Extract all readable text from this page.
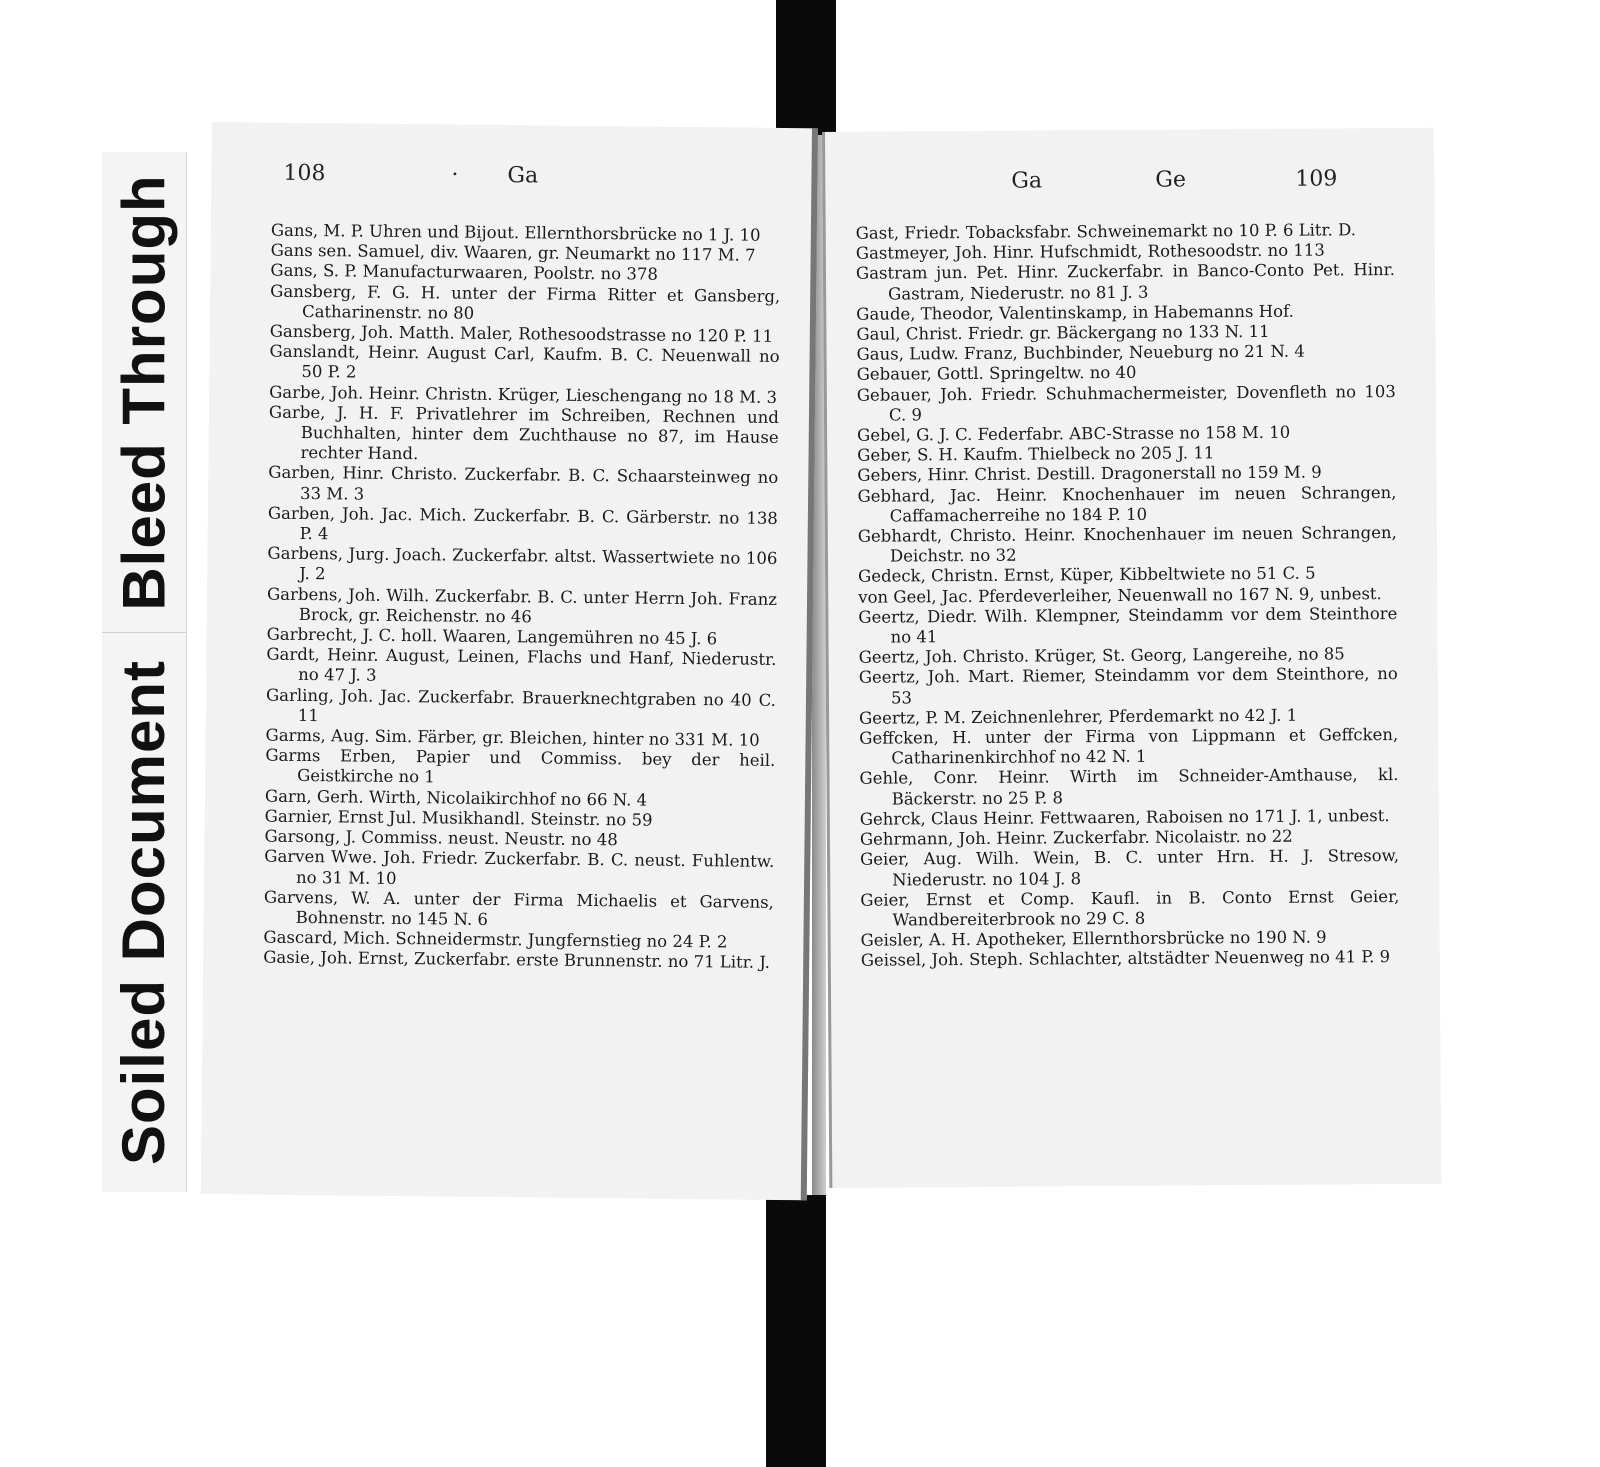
Bleed Through
Soiled Document
108	· Ga

Gans, M. P. Uhren und Bijout. Ellernthorsbrücke no 1 J. 10

Gans sen. Samuel, div. Waaren, gr. Neumarkt no 117 M. 7

Gans, S. P. Manufacturwaaren, Poolstr. no 378

Gansberg, F. G. H. unter der Firma Ritter et Gansberg, Catharinenstr. no 80

Gansberg, Joh. Matth. Maler, Rothesoodstrasse no 120 P. 11

Ganslandt, Heinr. August Carl, Kaufm. B. C. Neuenwall no 50 P. 2

Garbe, Joh. Heinr. Christn. Krüger, Lieschengang no 18 M. 3

Garbe, J. H. F. Privatlehrer im Schreiben, Rechnen und Buchhalten, hinter dem Zuchthause no 87, im Hause rechter Hand.

Garben, Hinr. Christo. Zuckerfabr. B. C. Schaarsteinweg no 33 M. 3

Garben, Joh. Jac. Mich. Zuckerfabr. B. C. Gärberstr. no 138 P. 4

Garbens, Jurg. Joach. Zuckerfabr. altst. Wassertwiete no 106 J. 2

Garbens, Joh. Wilh. Zuckerfabr. B. C. unter Herrn Joh. Franz Brock, gr. Reichenstr. no 46

Garbrecht, J. C. holl. Waaren, Langemühren no 45 J. 6

Gardt, Heinr. August, Leinen, Flachs und Hanf, Niederustr. no 47 J. 3

Garling, Joh. Jac. Zuckerfabr. Brauerknechtgraben no 40 C. 11

Garms, Aug. Sim. Färber, gr. Bleichen, hinter no 331 M. 10

Garms Erben, Papier und Commiss. bey der heil. Geistkirche no 1

Garn, Gerh. Wirth, Nicolaikirchhof no 66 N. 4

Garnier, Ernst Jul. Musikhandl. Steinstr. no 59

Garsong, J. Commiss. neust. Neustr. no 48

Garven Wwe. Joh. Friedr. Zuckerfabr. B. C. neust. Fuhlentw. no 31 M. 10

Garvens, W. A. unter der Firma Michaelis et Garvens, Bohnenstr. no 145 N. 6

Gascard, Mich. Schneidermstr. Jungfernstieg no 24 P. 2

Gasie, Joh. Ernst, Zuckerfabr. erste Brunnenstr. no 71 Litr. J.

Ga	Ge	109

Gast, Friedr. Tobacksfabr. Schweinemarkt no 10 P. 6 Litr. D.

Gastmeyer, Joh. Hinr. Hufschmidt, Rothesoodstr. no 113

Gastram jun. Pet. Hinr. Zuckerfabr. in Banco-Conto Pet. Hinr. Gastram, Niederustr. no 81 J. 3

Gaude, Theodor, Valentinskamp, in Habemanns Hof.

Gaul, Christ. Friedr. gr. Bäckergang no 133 N. 11

Gaus, Ludw. Franz, Buchbinder, Neueburg no 21 N. 4

Gebauer, Gottl. Springeltw. no 40

Gebauer, Joh. Friedr. Schuhmachermeister, Dovenfleth no 103 C. 9

Gebel, G. J. C. Federfabr. ABC-Strasse no 158 M. 10

Geber, S. H. Kaufm. Thielbeck no 205 J. 11

Gebers, Hinr. Christ. Destill. Dragonerstall no 159 M. 9

Gebhard, Jac. Heinr. Knochenhauer im neuen Schrangen, Caffamacherreihe no 184 P. 10

Gebhardt, Christo. Heinr. Knochenhauer im neuen Schrangen, Deichstr. no 32

Gedeck, Christn. Ernst, Küper, Kibbeltwiete no 51 C. 5

von Geel, Jac. Pferdeverleiher, Neuenwall no 167 N. 9, unbest.

Geertz, Diedr. Wilh. Klempner, Steindamm vor dem Steinthore no 41

Geertz, Joh. Christo. Krüger, St. Georg, Langereihe, no 85

Geertz, Joh. Mart. Riemer, Steindamm vor dem Steinthore, no 53

Geertz, P. M. Zeichnenlehrer, Pferdemarkt no 42 J. 1

Geffcken, H. unter der Firma von Lippmann et Geffcken, Catharinenkirchhof no 42 N. 1

Gehle, Conr. Heinr. Wirth im Schneider-Amthause, kl. Bäckerstr. no 25 P. 8

Gehrck, Claus Heinr. Fettwaaren, Raboisen no 171 J. 1, unbest.

Gehrmann, Joh. Heinr. Zuckerfabr. Nicolaistr. no 22

Geier, Aug. Wilh. Wein, B. C. unter Hrn. H. J. Stresow, Niederustr. no 104 J. 8

Geier, Ernst et Comp. Kaufl. in B. Conto Ernst Geier, Wandbereiterbrook no 29 C. 8

Geisler, A. H. Apotheker, Ellernthorsbrücke no 190 N. 9

Geissel, Joh. Steph. Schlachter, altstädter Neuenweg no 41 P. 9
